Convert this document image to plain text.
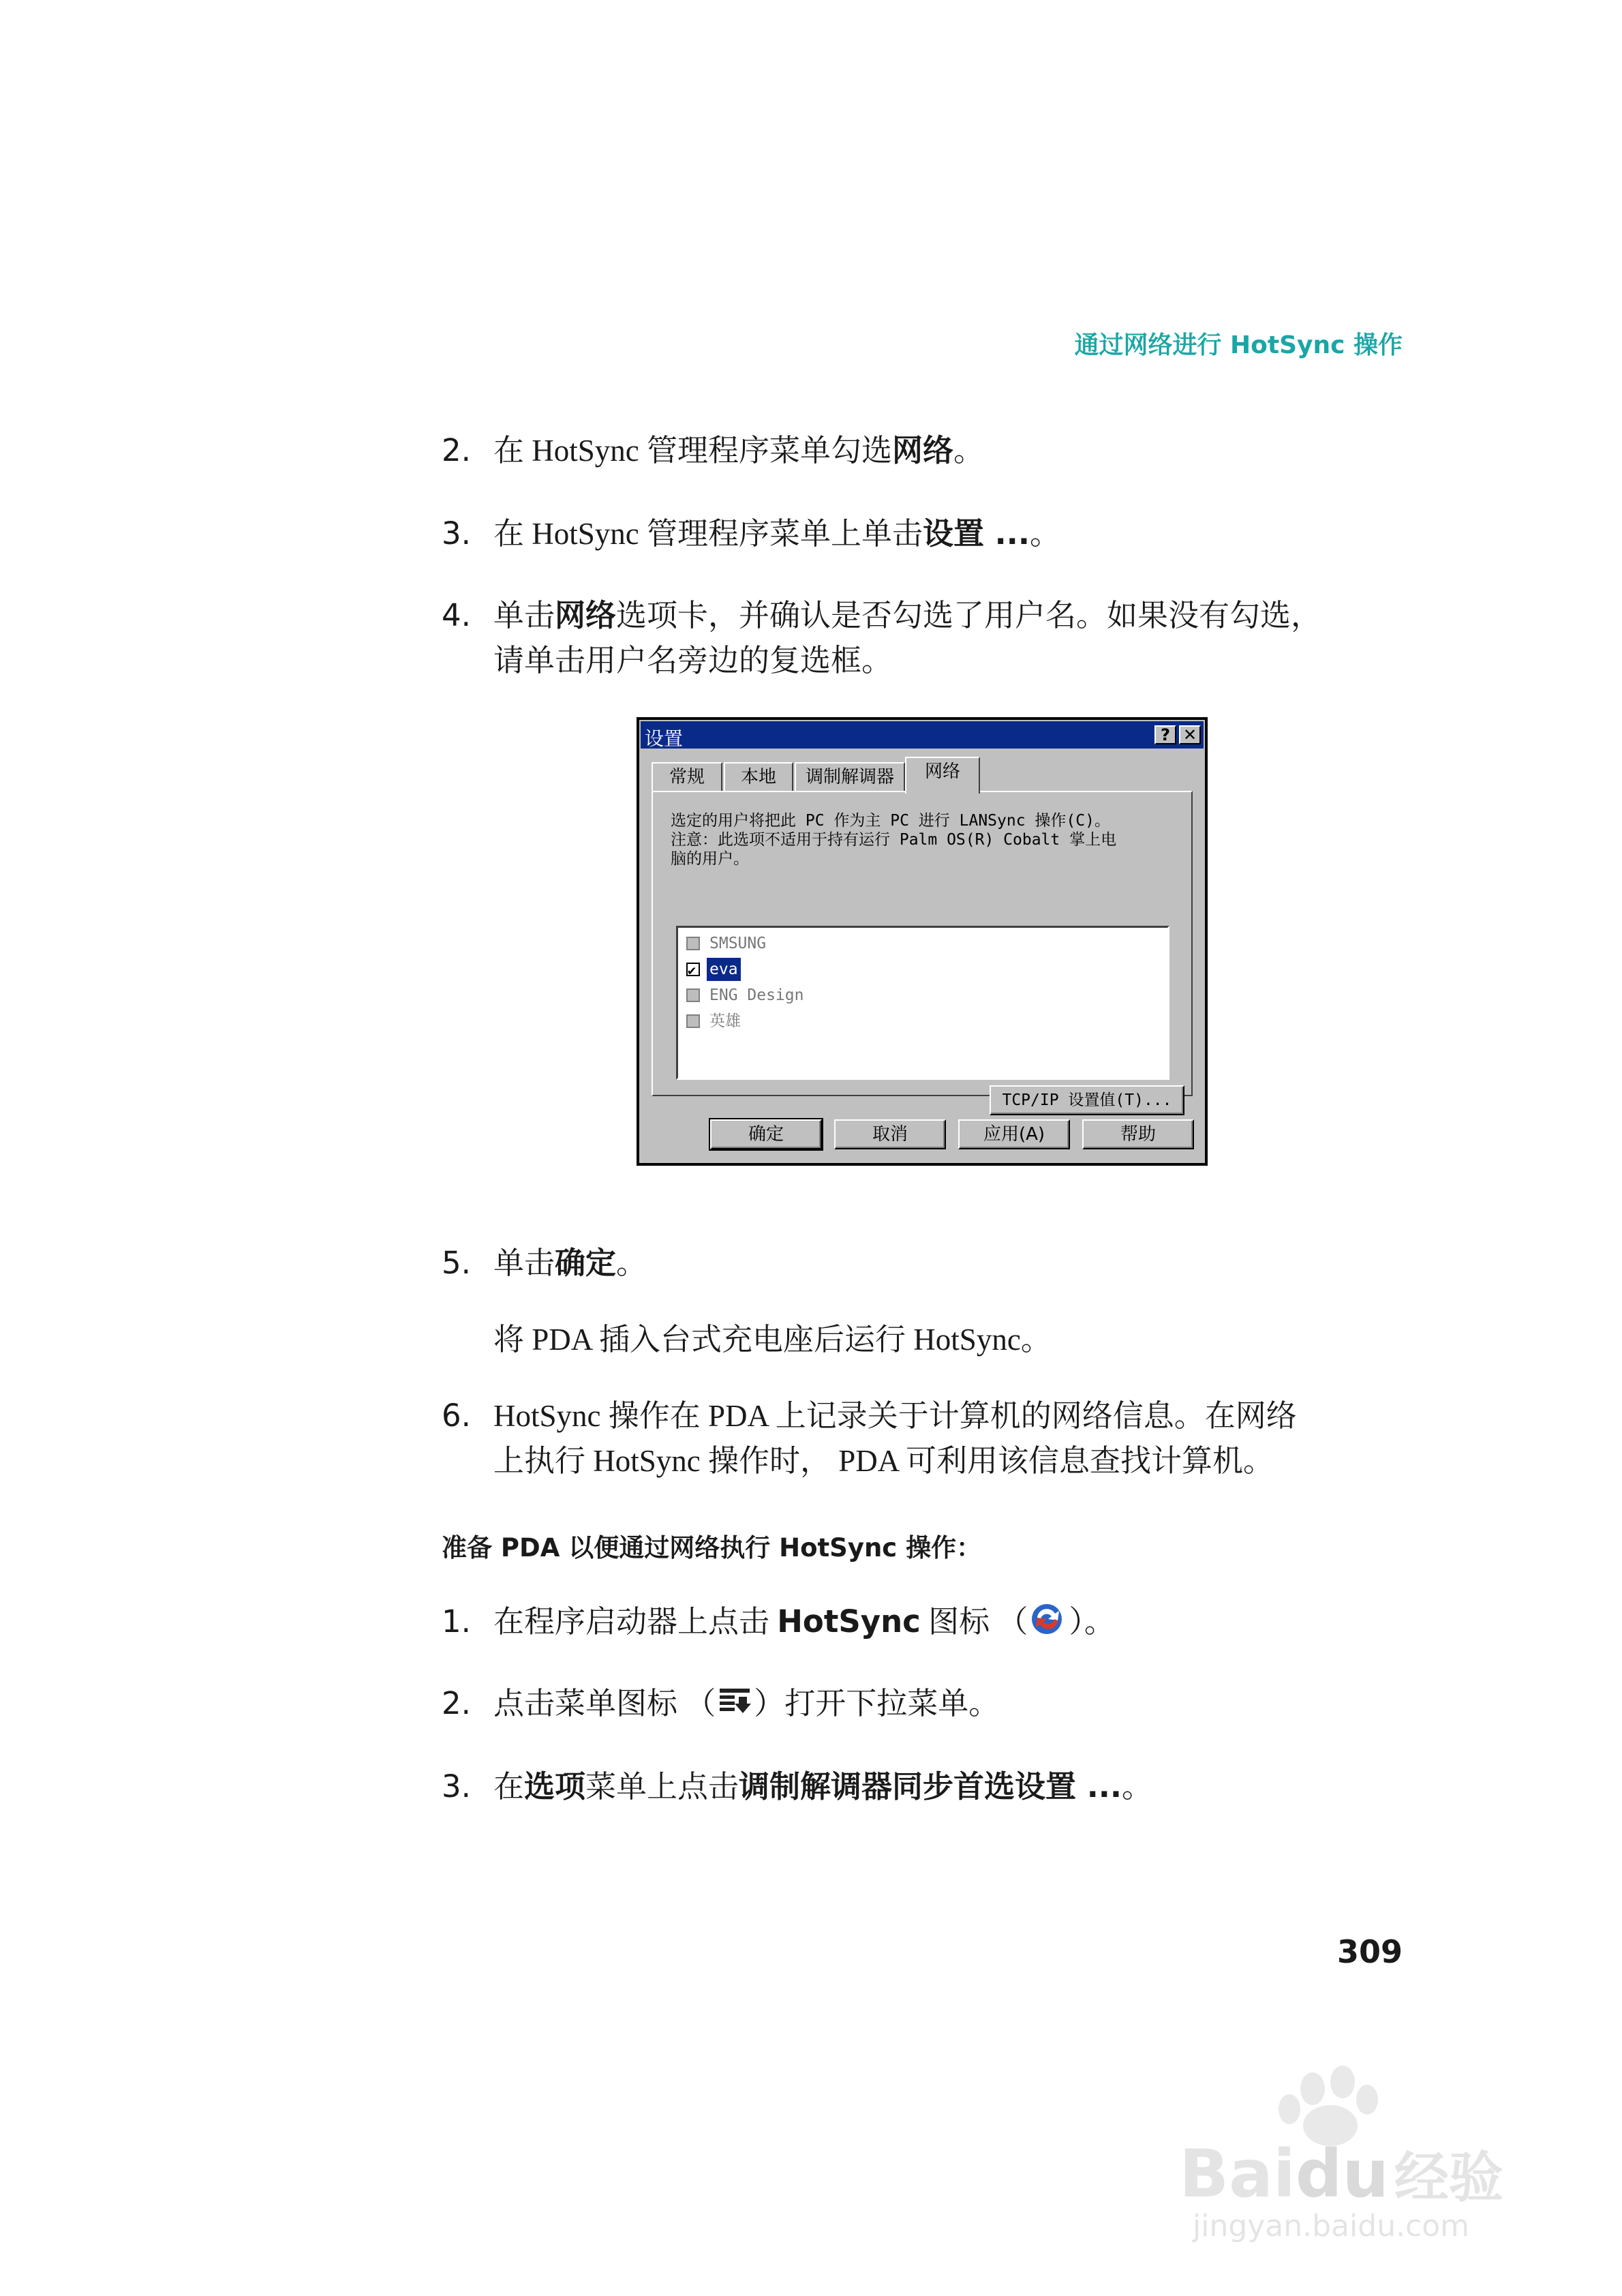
通过网络进行 HotSync 操作
2. 在 HotSync 管理程序菜单勾选网络。
3. 在 HotSync 管理程序菜单上单击设置 ...。
4. 单击网络选项卡，并确认是否勾选了用户名。如果没有勾选，
请单击用户名旁边的复选框。
设置	? ✕
常规	本地	调制解调器	网络
选定的用户将把此 PC 作为主 PC 进行 LANSync 操作(C)。
注意：此选项不适用于持有运行 Palm OS(R) Cobalt 掌上电
脑的用户。
SMSUNG
✔
eva
ENG Design
英雄
TCP/IP 设置值(T)...
确定	取消	应用(A)	帮助
5. 单击确定。
将 PDA 插入台式充电座后运行 HotSync。
6. HotSync 操作在 PDA 上记录关于计算机的网络信息。在网络
上执行 HotSync 操作时， PDA 可利用该信息查找计算机。
准备 PDA 以便通过网络执行 HotSync 操作：
1. 在程序启动器上点击 HotSync 图标 （ ）。
2. 点击菜单图标 （ ）打开下拉菜单。
3. 在选项菜单上点击调制解调器同步首选设置 ...。
309
Baidu 经验
jingyan.baidu.com
